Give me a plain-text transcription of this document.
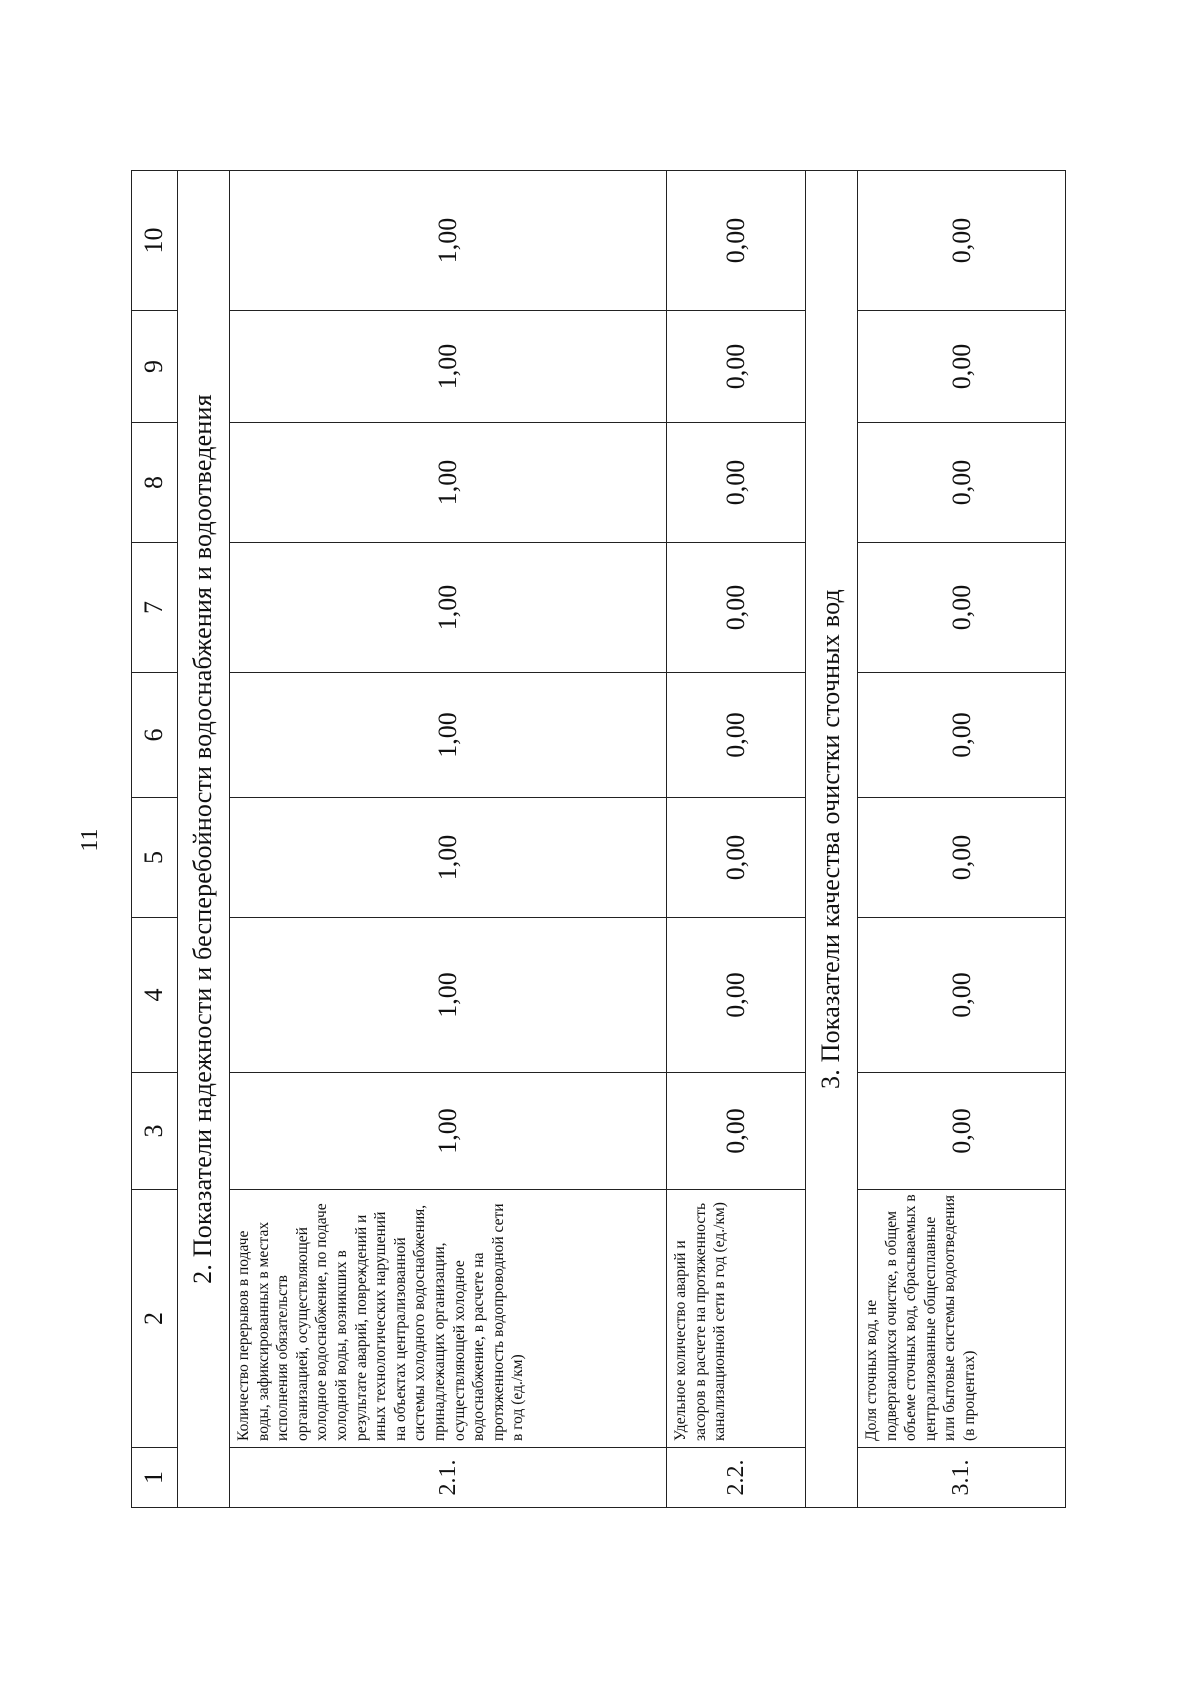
11
1	2	3	4	5	6	7	8	9	10
2. Показатели надежности и бесперебойности водоснабжения и водоотведения									
2.1.	Количество перерывов в подаче воды, зафиксированных в местах исполнения обязательств организацией, осуществляющей холодное водоснабжение, по подаче холодной воды, возникших в результате аварий, повреждений и иных технологических нарушений на объектах централизованной системы холодного водоснабжения, принадлежащих организации, осуществляющей холодное водоснабжение, в расчете на протяженность водопроводной сети в год (ед./км)	1,00	1,00	1,00	1,00	1,00	1,00	1,00	1,00
2.2.	Удельное количество аварий и засоров в расчете на протяженность канализационной сети в год (ед./км)	0,00	0,00	0,00	0,00	0,00	0,00	0,00	0,00
3. Показатели качества очистки сточных вод									
3.1.	Доля сточных вод, не подвергающихся очистке, в общем объеме сточных вод, сбрасываемых в централизованные общесплавные или бытовые системы водоотведения (в процентах)	0,00	0,00	0,00	0,00	0,00	0,00	0,00	0,00
